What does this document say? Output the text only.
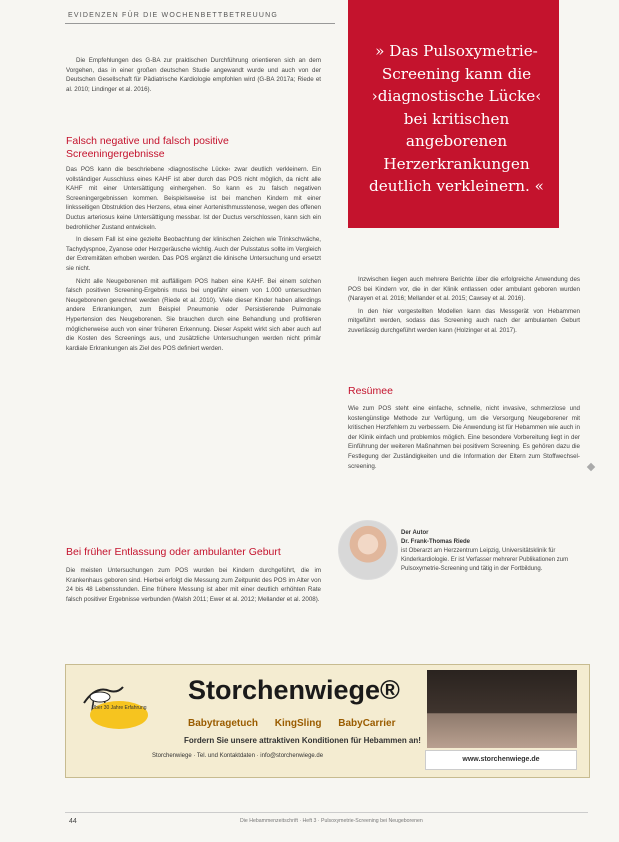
EVIDENZEN FÜR DIE WOCHENBETTBETREUUNG
» Das Pulsoxymetrie-Screening kann die ›diagnostische Lücke‹ bei kritischen angeborenen Herzerkrankungen deutlich verkleinern. «

Die Empfehlungen des G-BA zur praktischen Durchführung orientieren sich an dem Vorgehen, das in einer großen deutschen Studie angewandt wurde und auch von der Deutschen Gesellschaft für Pädiatrische Kardiologie empfohlen wird (G-BA 2017a; Riede et al. 2010; Lindinger et al. 2016).

Falsch negative und falsch positive Screeningergebnisse

Das POS kann die beschriebene ›diagnostische Lücke‹ zwar deutlich verkleinern. Ein vollständiger Ausschluss eines KAHF ist aber durch das POS nicht möglich, da nicht alle KAHF mit einer Untersättigung einhergehen. So kann es zu falsch negativen Screeningergebnissen kommen. Beispielsweise ist bei manchen Kindern mit einer linksseitigen Obstruktion des Herzens, etwa einer Aortenisthmusstenose, wegen des offenen Ductus arteriosus keine Untersättigung messbar. Ist der Ductus verschlossen, kann sich ein bedrohlicher Zustand entwickeln.

In diesem Fall ist eine gezielte Beobachtung der klinischen Zeichen wie Trinkschwäche, Tachydyspnoe, Zyanose oder Herzgeräusche wichtig. Auch der Pulsstatus sollte im Vergleich der Extremitäten erhoben werden. Das POS ergänzt die klinische Untersuchung und ersetzt sie nicht.

Nicht alle Neugeborenen mit auffälligem POS haben eine KAHF. Bei einem solchen falsch positiven Screening-Ergebnis muss bei ungefähr einem von 1.000 untersuchten Neugeborenen gerechnet werden (Riede et al. 2010). Viele dieser Kinder haben allerdings andere Erkrankungen, zum Beispiel Pneumonie oder Persistierende Pulmonale Hypertension des Neugeborenen. Sie brauchen durch eine Behandlung und profitieren möglicherweise auch von einer früheren Erkennung. Dieser Aspekt wirkt sich aber auch auf die Kosten des Screenings aus, und zusätzliche Untersuchungen werden nicht primär kardiale Erkrankungen als Ziel des POS definiert werden.

Bei früher Entlassung oder ambulanter Geburt

Die meisten Untersuchungen zum POS wurden bei Kindern durchgeführt, die im Krankenhaus geboren sind. Hierbei erfolgt die Messung zum Zeitpunkt des POS im Alter von 24 bis 48 Lebensstunden. Eine frühere Messung ist aber mit einer deutlich erhöhten Rate falsch positiver Ergebnisse verbunden (Walsh 2011; Ewer et al. 2012; Mellander et al. 2008).

Inzwischen liegen auch mehrere Berichte über die erfolgreiche Anwendung des POS bei Kindern vor, die in der Klinik entlassen oder ambulant geboren wurden (Narayen et al. 2016; Mellander et al. 2015; Cawsey et al. 2016).

In den hier vorgestellten Modellen kann das Messgerät von Hebammen mitgeführt werden, sodass das Screening auch nach der ambulanten Geburt zuverlässig durchgeführt werden kann (Holzinger et al. 2017).

Resümee

Wie zum POS steht eine einfache, schnelle, nicht invasive, schmerzlose und kostengünstige Methode zur Verfügung, um die Versorgung Neugeborener mit kritischen Herzfehlern zu verbessern. Die Anwendung ist für Hebammen wie auch in der Klinik einfach und problemlos möglich. Eine besondere Vorbereitung liegt in der Einführung der weiteren Maßnahmen bei positivem Screening. Es gehören dazu die Festlegung der Zuständigkeiten und die Information der Eltern zum Stoffwechsel-screening.

Der Autor
Dr. Frank-Thomas Riede
ist Oberarzt am Herzzentrum Leipzig, Universitätsklinik für Kinderkardiologie. Er ist Verfasser mehrerer Publikationen zum Pulsoxymetrie-Screening und tätig in der Fortbildung.
Über 30 Jahre Erfahrung
Storchenwiege®
Babytragetuch KingSling BabyCarrier
Fordern Sie unsere attraktiven Konditionen für Hebammen an!
Storchenwiege · Tel. und Kontaktdaten · info@storchenwiege.de	www.storchenwiege.de
44	Die Hebammenzeitschrift · Heft 3 · Pulsoxymetrie-Screening bei Neugeborenen
